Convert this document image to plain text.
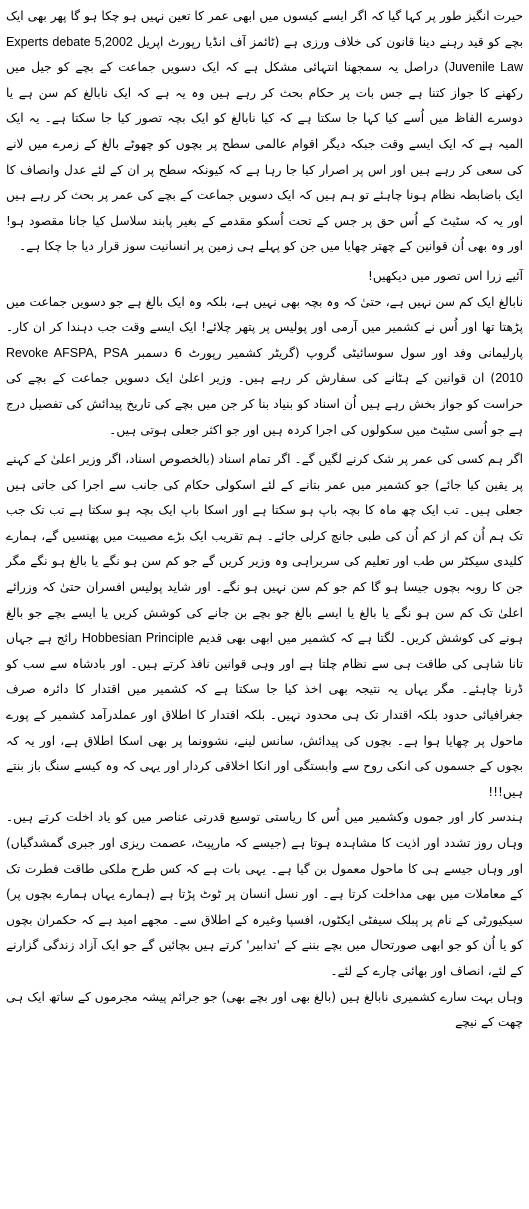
حیرت انگیز طور پر کہا گیا کہ اگر ایسے کیسوں میں ابھی عمر کا تعین نہیں ہو چکا ہو گا پھر بھی ایک بچے کو قید رہنے دینا قانون کی خلاف ورزی ہے (ٹائمز آف انڈیا رپورٹ اپریل Experts debate 5,2002 Juvenile Law) دراصل یہ سمجھنا انتہائی مشکل ہے کہ ایک دسویں جماعت کے بچے کو جیل میں رکھنے کا جواز کتنا ہے جس بات پر حکام بحث کر رہے ہیں وہ یہ ہے کہ ایک نابالغ کم سن ہے یا دوسرے الفاظ میں اُسے کیا کہا جا سکتا ہے کہ کیا نابالغ کو ایک بچہ تصور کیا جا سکتا ہے۔ یہ ایک المیہ ہے کہ ایک ایسے وقت جبکہ دیگر اقوام عالمی سطح پر بچوں کو چھوٹے بالغ کے زمرے میں لانے کی سعی کر رہے ہیں اور اس پر اصرار کیا جا رہا ہے کہ کیونکہ سطح پر ان کے لئے عدل وانصاف کا ایک باضابطہ نظام ہونا چاہئے تو ہم ہیں کہ ایک دسویں جماعت کے بچے کی عمر پر بحث کر رہے ہیں اور یہ کہ سٹیٹ کے اُس حق پر جس کے تحت اُسکو مقدمے کے بغیر پابند سلاسل کیا جانا مقصود ہو! اور وہ بھی اُن قوانین کے چھتر چھایا میں جن کو پہلے ہی زمین پر انسانیت سوز قرار دیا جا چکا ہے۔

آئیے زرا اس تصور میں دیکھیں!

نابالغ ایک کم سن نہیں ہے، حتیٰ کہ وہ بچہ بھی نہیں ہے، بلکہ وہ ایک بالغ ہے جو دسویں جماعت میں پڑھتا تھا اور اُس نے کشمیر میں آرمی اور پولیس پر پتھر چلائے! ایک ایسے وقت جب دہندا کر ان کار۔ پارلیمانی وفد اور سول سوسائیٹی گروپ (گریٹر کشمیر رپورٹ 6 دسمبر Revoke AFSPA, PSA 2010) ان قوانین کے ہٹانے کی سفارش کر رہے ہیں۔ وزیر اعلیٰ ایک دسویں جماعت کے بچے کی حراست کو جواز بخش رہے ہیں اُن اسناد کو بنیاد بنا کر جن میں بچے کی تاریخ پیدائش کی تفصیل درج ہے جو اُسی سٹیٹ میں سکولوں کی اجرا کردہ ہیں اور جو اکثر جعلی ہوتی ہیں۔

اگر ہم کسی کی عمر پر شک کرنے لگیں گے۔ اگر تمام اسناد (بالخصوص اسناد، اگر وزیر اعلیٰ کے کہنے پر یقین کیا جائے) جو کشمیر میں عمر بتانے کے لئے اسکولی حکام کی جانب سے اجرا کی جاتی ہیں جعلی ہیں۔ تب ایک چھ ماہ کا بچہ باپ ہو سکتا ہے اور اسکا باپ ایک بچہ ہو سکتا ہے تب تک جب تک ہم اُن کم از کم اُن کی طبی جانچ کرلی جائے۔ ہم تقریب ایک بڑے مصیبت میں پھنسیں گے، ہمارے کلیدی سیکٹر س طب اور تعلیم کی سربراہی وہ وزیر کریں گے جو کم سن ہو نگے یا بالغ ہو نگے مگر جن کا روبہ بچوں جیسا ہو گا کم جو کم سن نہیں ہو نگے۔ اور شاید پولیس افسران حتیٰ کہ وزرائے اعلیٰ تک کم سن ہو نگے یا بالغ یا ایسے بالغ جو بچے بن جانے کی کوشش کریں یا ایسے بچے جو بالغ ہونے کی کوشش کریں۔ لگتا ہے کہ کشمیر میں ابھی بھی قدیم Hobbesian Principle رائج ہے جہاں تانا شاہی کی طاقت ہی سے نظام چلتا ہے اور وہی قوانین نافذ کرتے ہیں۔ اور بادشاہ سے سب کو ڈرنا چاہئے۔ مگر یہاں یہ نتیجہ بھی اخذ کیا جا سکتا ہے کہ کشمیر میں اقتدار کا دائرہ صرف جغرافیائی حدود بلکہ اقتدار تک ہی محدود نہیں۔ بلکہ اقتدار کا اطلاق اور عملدرآمد کشمیر کے پورے ماحول پر چھایا ہوا ہے۔ بچوں کی پیدائش، سانس لینے، نشوونما پر بھی اسکا اطلاق ہے، اور یہ کہ بچوں کے جسموں کی انکی روح سے وابستگی اور انکا اخلاقی کردار اور یہی کہ وہ کیسے سنگ باز بنتے ہیں!!!

ہندسر کار اور جموں وکشمیر میں اُس کا ریاستی توسیع قدرتی عناصر میں کو یاد اخلت کرتے ہیں۔ وہاں روز تشدد اور اذیت کا مشاہدہ ہوتا ہے (جیسے کہ مارپیٹ، عصمت ریزی اور جبری گمشدگیاں) اور وہاں جیسے ہی کا ماحول معمول بن گیا ہے۔ یہی بات ہے کہ کس طرح ملکی طاقت فطرت تک کے معاملات میں بھی مداخلت کرتا ہے۔ اور نسل انسان پر ٹوٹ پڑتا ہے (ہمارے یہاں ہمارے بچوں پر) سیکیورٹی کے نام پر پبلک سیفٹی ایکٹوں، افسپا وغیرہ کے اطلاق سے۔ مجھے امید ہے کہ حکمران بچوں کو یا اُن کو جو ابھی صورتحال میں بچے بننے کے 'تدابیر' کرتے ہیں بچائیں گے جو ایک آزاد زندگی گزارنے کے لئے، انصاف اور بھائی چارے کے لئے۔

وہاں بہت سارے کشمیری نابالغ ہیں (بالغ بھی اور بچے بھی) جو جرائم پیشہ مجرموں کے ساتھ ایک ہی چھت کے نیچے
